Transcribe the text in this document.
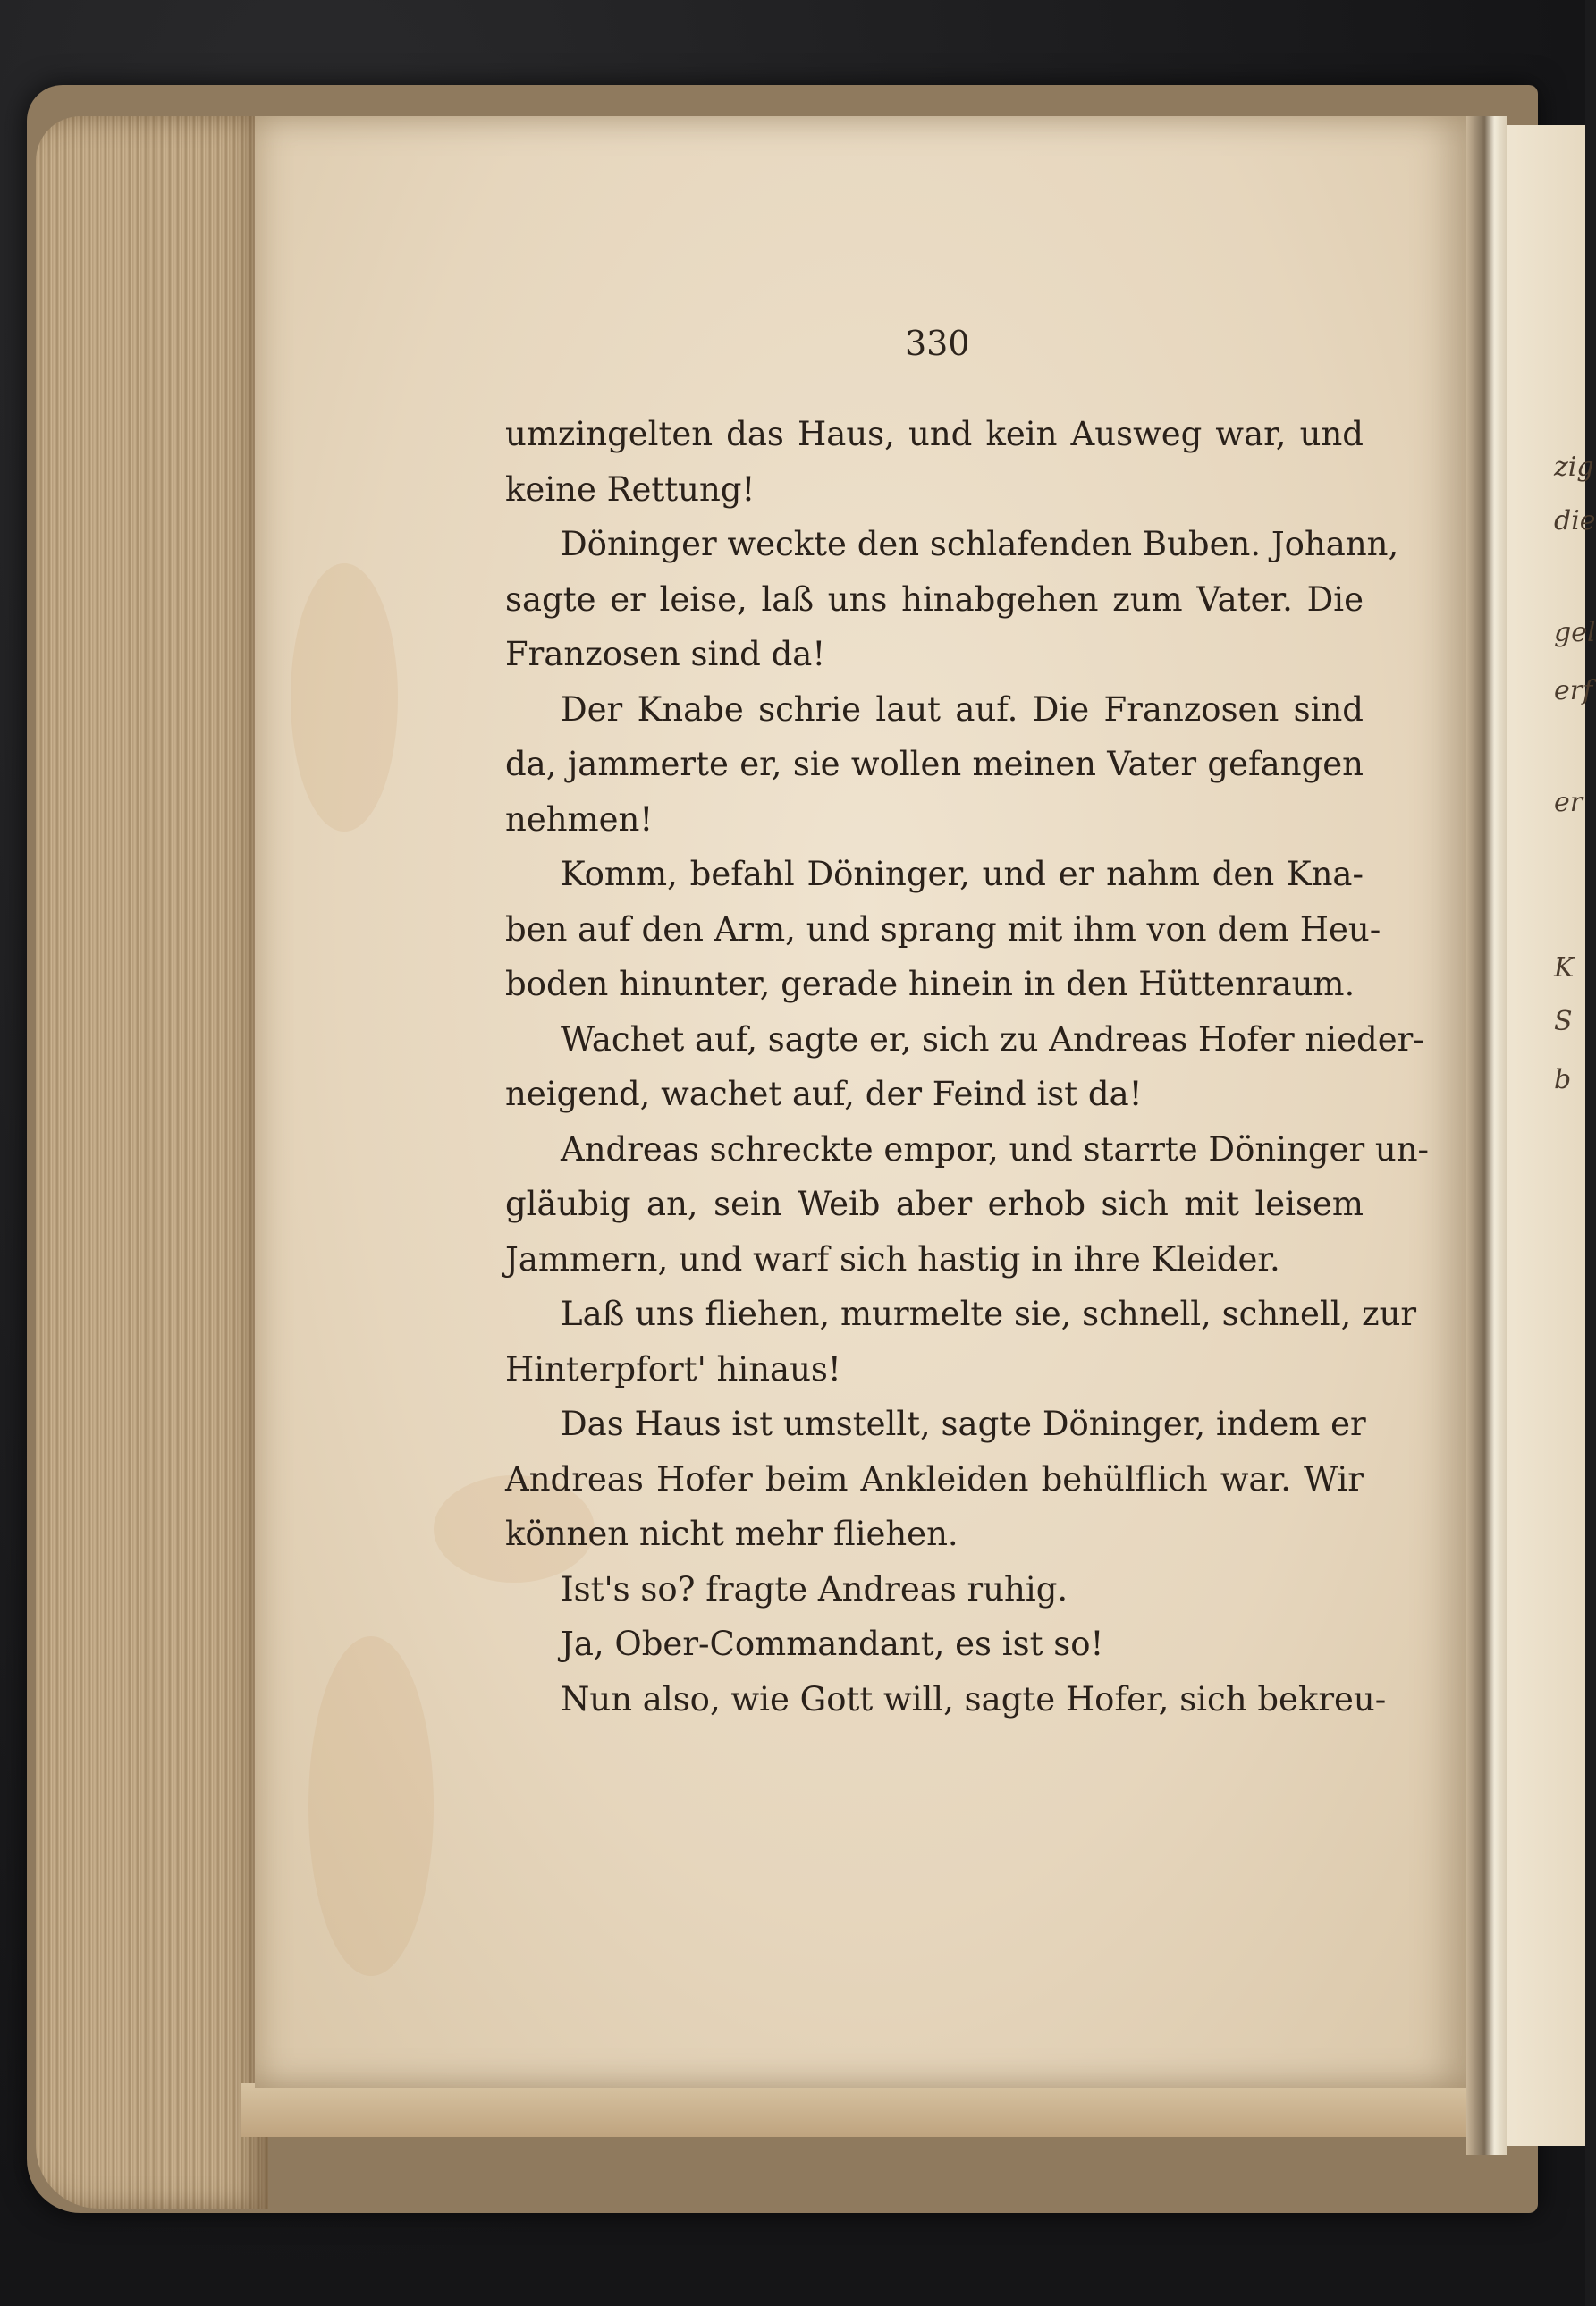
zig
die
gel
erf
er
K
S
b
330
umzingelten das Haus, und kein Ausweg war, und
keine Rettung!
Döninger weckte den schlafenden Buben. Johann,
sagte er leise, laß uns hinabgehen zum Vater. Die
Franzosen sind da!
Der Knabe schrie laut auf. Die Franzosen sind
da, jammerte er, sie wollen meinen Vater gefangen
nehmen!
Komm, befahl Döninger, und er nahm den Kna-
ben auf den Arm, und sprang mit ihm von dem Heu-
boden hinunter, gerade hinein in den Hüttenraum.
Wachet auf, sagte er, sich zu Andreas Hofer nieder-
neigend, wachet auf, der Feind ist da!
Andreas schreckte empor, und starrte Döninger un-
gläubig an, sein Weib aber erhob sich mit leisem
Jammern, und warf sich hastig in ihre Kleider.
Laß uns fliehen, murmelte sie, schnell, schnell, zur
Hinterpfort' hinaus!
Das Haus ist umstellt, sagte Döninger, indem er
Andreas Hofer beim Ankleiden behülflich war. Wir
können nicht mehr fliehen.
Ist's so? fragte Andreas ruhig.
Ja, Ober-Commandant, es ist so!
Nun also, wie Gott will, sagte Hofer, sich bekreu-
